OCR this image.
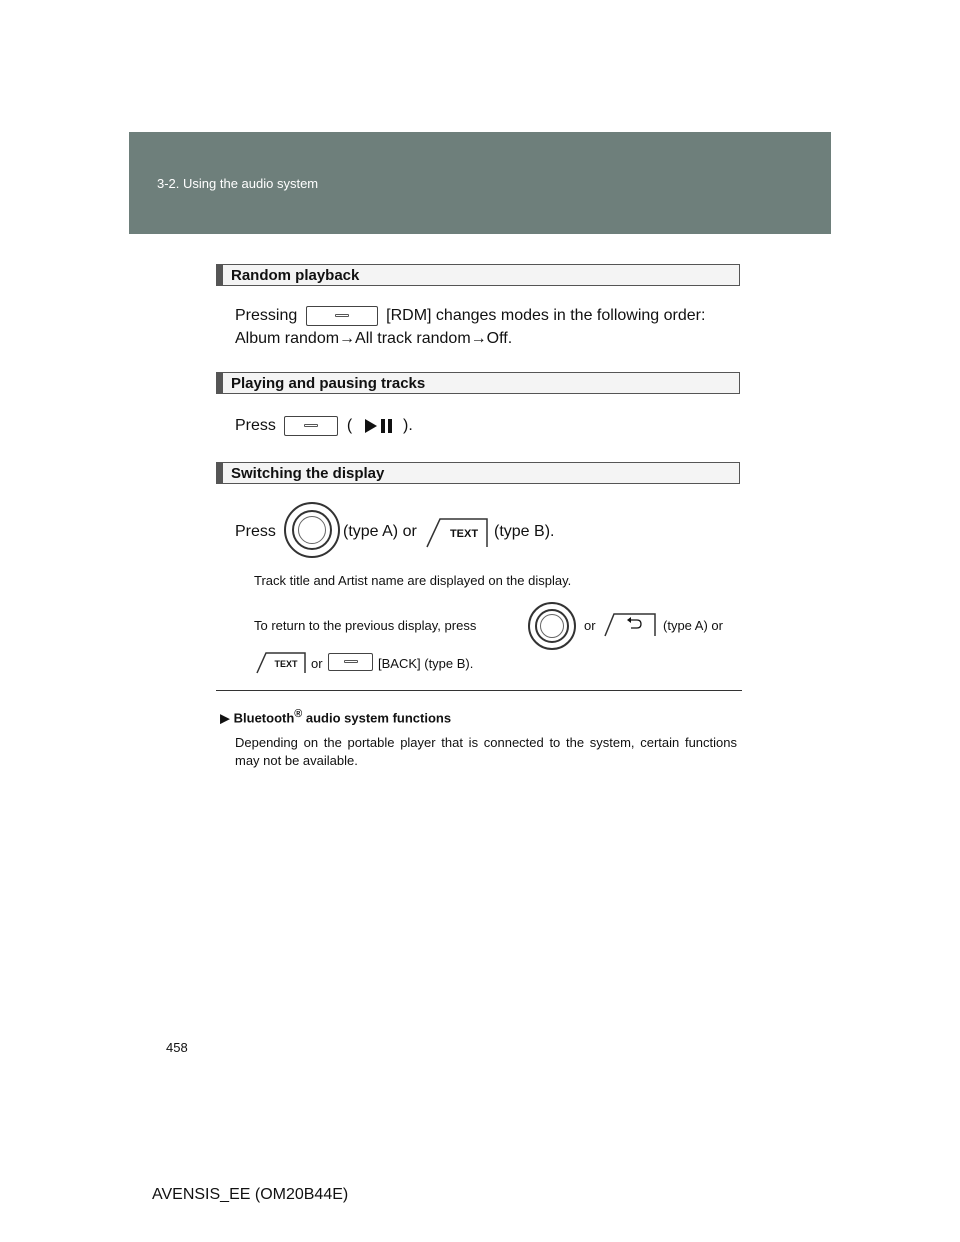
3-2. Using the audio system
Random playback
Pressing	[RDM] changes modes in the following order:
Album random→All track random→Off.
Playing and pausing tracks
Press	(	).
Switching the display
Press	(type A) or	TEXT (type B).
Track title and Artist name are displayed on the display.
To return to the previous display, press	or	(type A) or
TEXT or	[BACK] (type B).
▶ Bluetooth® audio system functions
Depending on the portable player that is connected to the system, certain functions may not be available.
458
AVENSIS_EE (OM20B44E)
